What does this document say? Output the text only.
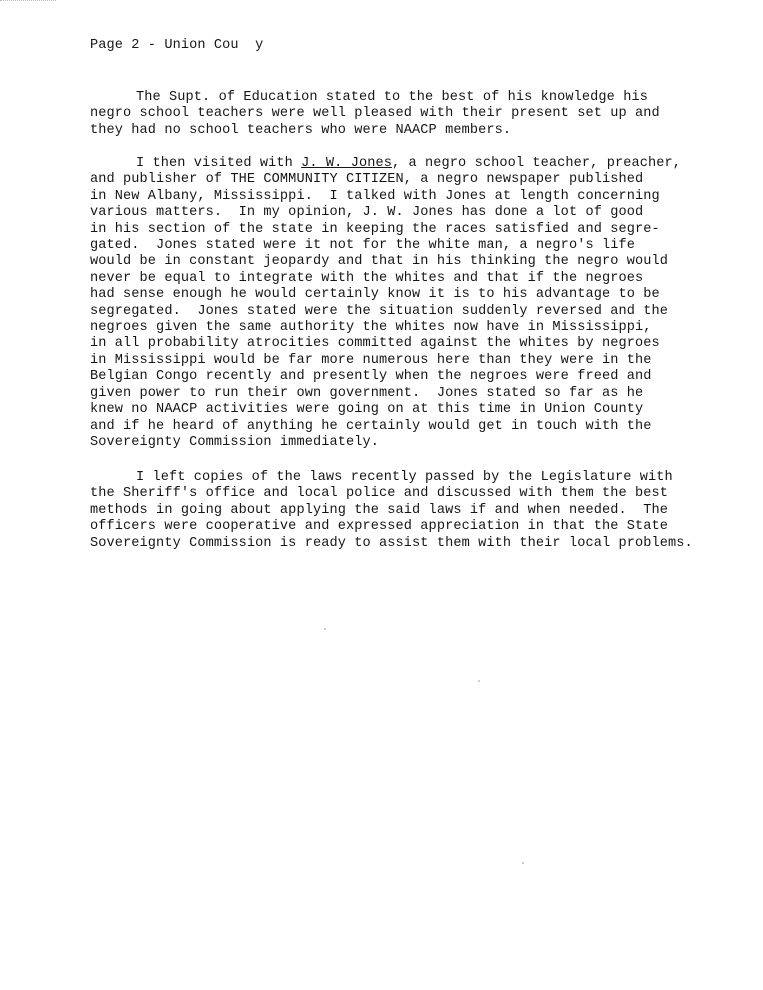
Page 2 - Union Cou  y
The Supt. of Education stated to the best of his knowledge his
negro school teachers were well pleased with their present set up and
they had no school teachers who were NAACP members.
I then visited with J. W. Jones, a negro school teacher, preacher,
and publisher of THE COMMUNITY CITIZEN, a negro newspaper published
in New Albany, Mississippi.  I talked with Jones at length concerning
various matters.  In my opinion, J. W. Jones has done a lot of good
in his section of the state in keeping the races satisfied and segre-
gated.  Jones stated were it not for the white man, a negro's life
would be in constant jeopardy and that in his thinking the negro would
never be equal to integrate with the whites and that if the negroes
had sense enough he would certainly know it is to his advantage to be
segregated.  Jones stated were the situation suddenly reversed and the
negroes given the same authority the whites now have in Mississippi,
in all probability atrocities committed against the whites by negroes
in Mississippi would be far more numerous here than they were in the
Belgian Congo recently and presently when the negroes were freed and
given power to run their own government.  Jones stated so far as he
knew no NAACP activities were going on at this time in Union County
and if he heard of anything he certainly would get in touch with the
Sovereignty Commission immediately.
I left copies of the laws recently passed by the Legislature with
the Sheriff's office and local police and discussed with them the best
methods in going about applying the said laws if and when needed.  The
officers were cooperative and expressed appreciation in that the State
Sovereignty Commission is ready to assist them with their local problems.
